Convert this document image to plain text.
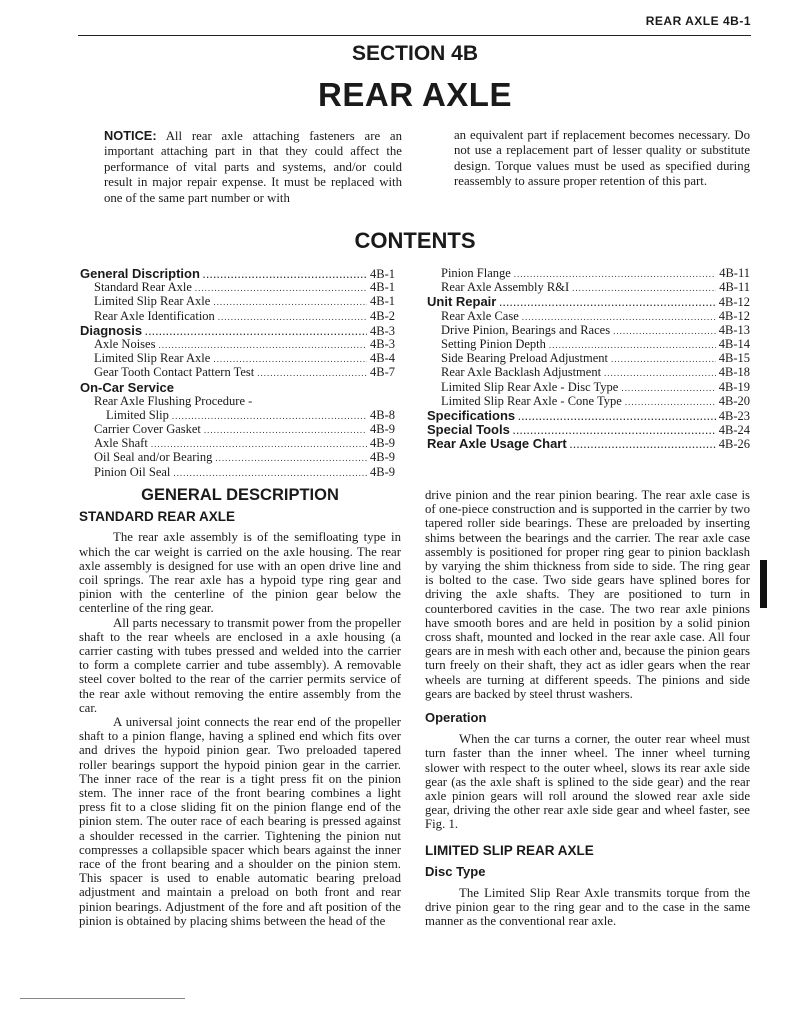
REAR AXLE 4B-1
SECTION 4B
REAR AXLE
NOTICE: All rear axle attaching fasteners are an important attaching part in that they could affect the performance of vital parts and systems, and/or could result in major repair expense. It must be replaced with one of the same part number or with
an equivalent part if replacement becomes necessary. Do not use a replacement part of lesser quality or substitute design. Torque values must be used as specified during reassembly to assure proper retention of this part.
CONTENTS
General Discription .....	4B-1
Standard Rear Axle .....	4B-1
Limited Slip Rear Axle .....	4B-1
Rear Axle Identification .....	4B-2
Diagnosis .....	4B-3
Axle Noises .....	4B-3
Limited Slip Rear Axle .....	4B-4
Gear Tooth Contact Pattern Test .....	4B-7
On-Car Service
Rear Axle Flushing Procedure -
Limited Slip .....	4B-8
Carrier Cover Gasket .....	4B-9
Axle Shaft .....	4B-9
Oil Seal and/or Bearing .....	4B-9
Pinion Oil Seal .....	4B-9
Pinion Flange .....	4B-11
Rear Axle Assembly R&I .....	4B-11
Unit Repair .....	4B-12
Rear Axle Case .....	4B-12
Drive Pinion, Bearings and Races .....	4B-13
Setting Pinion Depth .....	4B-14
Side Bearing Preload Adjustment .....	4B-15
Rear Axle Backlash Adjustment .....	4B-18
Limited Slip Rear Axle - Disc Type .....	4B-19
Limited Slip Rear Axle - Cone Type .....	4B-20
Specifications .....	4B-23
Special Tools .....	4B-24
Rear Axle Usage Chart .....	4B-26
GENERAL DESCRIPTION
STANDARD REAR AXLE

The rear axle assembly is of the semifloating type in which the car weight is carried on the axle housing. The rear axle assembly is designed for use with an open drive line and coil springs. The rear axle has a hypoid type ring gear and pinion with the centerline of the pinion gear below the centerline of the ring gear.

All parts necessary to transmit power from the propeller shaft to the rear wheels are enclosed in a axle housing (a carrier casting with tubes pressed and welded into the carrier to form a complete carrier and tube assembly). A removable steel cover bolted to the rear of the carrier permits service of the rear axle without removing the entire assembly from the car.

A universal joint connects the rear end of the propeller shaft to a pinion flange, having a splined end which fits over and drives the hypoid pinion gear. Two preloaded tapered roller bearings support the hypoid pinion gear in the carrier. The inner race of the rear is a tight press fit on the pinion stem. The inner race of the front bearing combines a light press fit to a close sliding fit on the pinion flange end of the pinion stem. The outer race of each bearing is pressed against a shoulder recessed in the carrier. Tightening the pinion nut compresses a collapsible spacer which bears against the inner race of the front bearing and a shoulder on the pinion stem. This spacer is used to enable automatic bearing preload adjustment and maintain a preload on both front and rear pinion bearings. Adjustment of the fore and aft position of the pinion is obtained by placing shims between the head of the

drive pinion and the rear pinion bearing. The rear axle case is of one-piece construction and is supported in the carrier by two tapered roller side bearings. These are preloaded by inserting shims between the bearings and the carrier. The rear axle case assembly is positioned for proper ring gear to pinion backlash by varying the shim thickness from side to side. The ring gear is bolted to the case. Two side gears have splined bores for driving the axle shafts. They are positioned to turn in counterbored cavities in the case. The two rear axle pinions have smooth bores and are held in position by a solid pinion cross shaft, mounted and locked in the rear axle case. All four gears are in mesh with each other and, because the pinion gears turn freely on their shaft, they act as idler gears when the rear wheels are turning at different speeds. The pinions and side gears are backed by steel thrust washers.

Operation

When the car turns a corner, the outer rear wheel must turn faster than the inner wheel. The inner wheel turning slower with respect to the outer wheel, slows its rear axle side gear (as the axle shaft is splined to the side gear) and the rear axle pinion gears will roll around the slowed rear axle side gear, driving the other rear axle side gear and wheel faster, see Fig. 1.

LIMITED SLIP REAR AXLE
Disc Type

The Limited Slip Rear Axle transmits torque from the drive pinion gear to the ring gear and to the case in the same manner as the conventional rear axle.
